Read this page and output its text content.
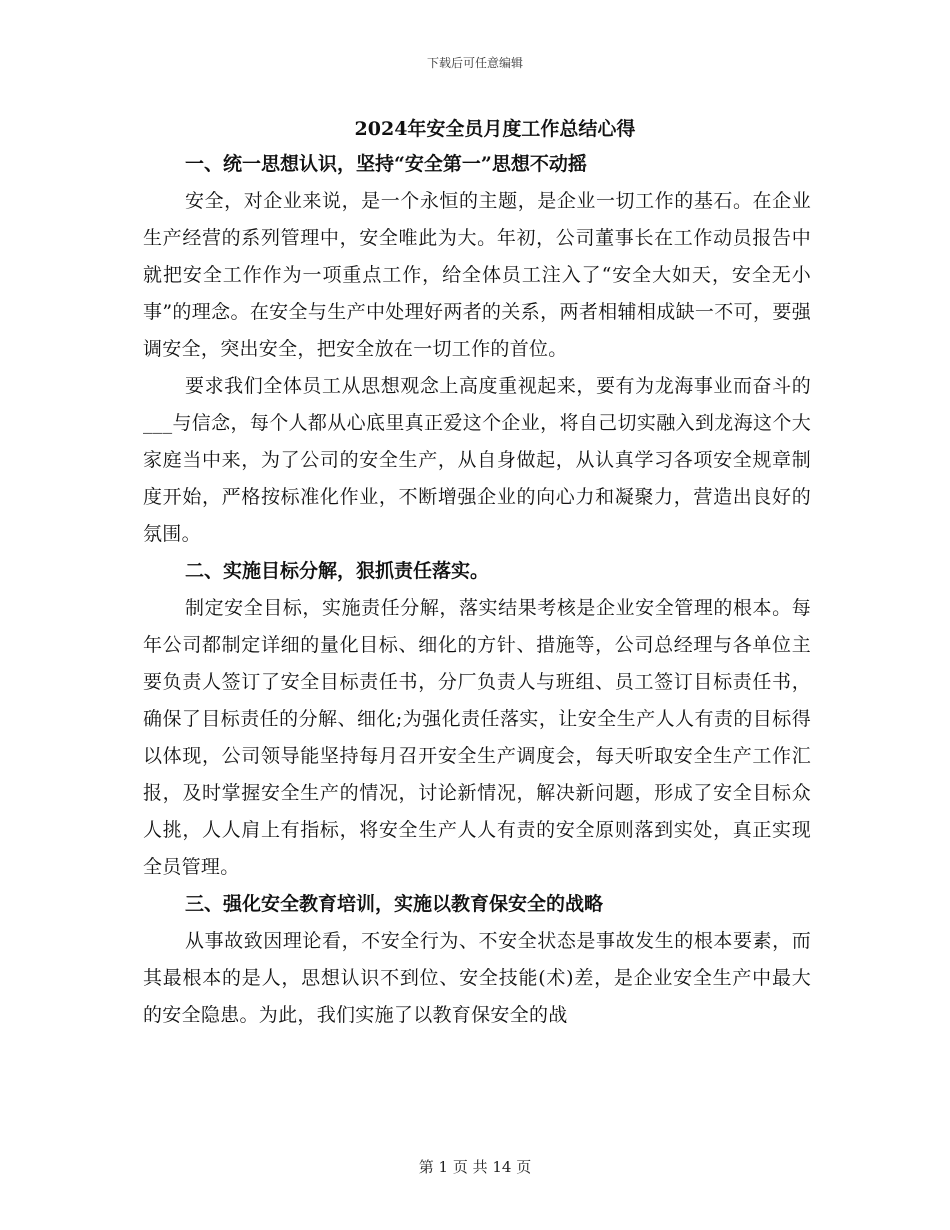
下载后可任意编辑
2024年安全员月度工作总结心得
一、统一思想认识，坚持“安全第一”思想不动摇

安全，对企业来说，是一个永恒的主题，是企业一切工作的基石。在企业生产经营的系列管理中，安全唯此为大。年初，公司董事长在工作动员报告中就把安全工作作为一项重点工作，给全体员工注入了“安全大如天，安全无小事”的理念。在安全与生产中处理好两者的关系，两者相辅相成缺一不可，要强调安全，突出安全，把安全放在一切工作的首位。

要求我们全体员工从思想观念上高度重视起来，要有为龙海事业而奋斗的___与信念，每个人都从心底里真正爱这个企业，将自己切实融入到龙海这个大家庭当中来，为了公司的安全生产，从自身做起，从认真学习各项安全规章制度开始，严格按标准化作业，不断增强企业的向心力和凝聚力，营造出良好的氛围。

二、实施目标分解，狠抓责任落实。

制定安全目标，实施责任分解，落实结果考核是企业安全管理的根本。每年公司都制定详细的量化目标、细化的方针、措施等，公司总经理与各单位主要负责人签订了安全目标责任书，分厂负责人与班组、员工签订目标责任书，确保了目标责任的分解、细化;为强化责任落实，让安全生产人人有责的目标得以体现，公司领导能坚持每月召开安全生产调度会，每天听取安全生产工作汇报，及时掌握安全生产的情况，讨论新情况，解决新问题，形成了安全目标众人挑，人人肩上有指标，将安全生产人人有责的安全原则落到实处，真正实现全员管理。

三、强化安全教育培训，实施以教育保安全的战略

从事故致因理论看，不安全行为、不安全状态是事故发生的根本要素，而其最根本的是人，思想认识不到位、安全技能(术)差，是企业安全生产中最大的安全隐患。为此，我们实施了以教育保安全的战

第 1 页 共 14 页
